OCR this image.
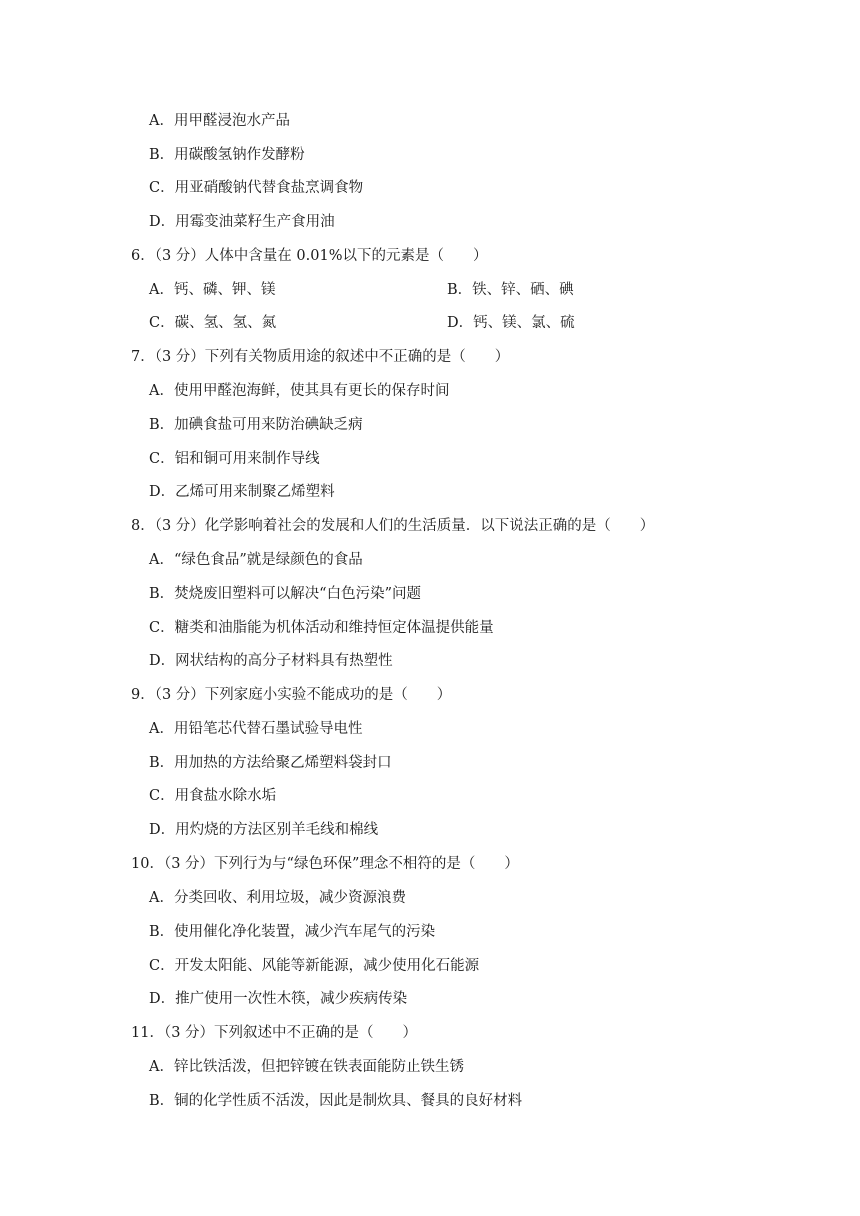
A．用甲醛浸泡水产品
B．用碳酸氢钠作发酵粉
C．用亚硝酸钠代替食盐烹调食物
D．用霉变油菜籽生产食用油
6．（3 分）人体中含量在 0.01%以下的元素是（　　）
A．钙、磷、钾、镁	B．铁、锌、硒、碘
C．碳、氢、氢、氮	D．钙、镁、氯、硫
7．（3 分）下列有关物质用途的叙述中不正确的是（　　）
A．使用甲醛泡海鲜，使其具有更长的保存时间
B．加碘食盐可用来防治碘缺乏病
C．铝和铜可用来制作导线
D．乙烯可用来制聚乙烯塑料
8．（3 分）化学影响着社会的发展和人们的生活质量．以下说法正确的是（　　）
A．“绿色食品”就是绿颜色的食品
B．焚烧废旧塑料可以解决“白色污染”问题
C．糖类和油脂能为机体活动和维持恒定体温提供能量
D．网状结构的高分子材料具有热塑性
9．（3 分）下列家庭小实验不能成功的是（　　）
A．用铅笔芯代替石墨试验导电性
B．用加热的方法给聚乙烯塑料袋封口
C．用食盐水除水垢
D．用灼烧的方法区别羊毛线和棉线
10．（3 分）下列行为与“绿色环保”理念不相符的是（　　）
A．分类回收、利用垃圾，减少资源浪费
B．使用催化净化装置，减少汽车尾气的污染
C．开发太阳能、风能等新能源，减少使用化石能源
D．推广使用一次性木筷，减少疾病传染
11．（3 分）下列叙述中不正确的是（　　）
A．锌比铁活泼，但把锌镀在铁表面能防止铁生锈
B．铜的化学性质不活泼，因此是制炊具、餐具的良好材料
